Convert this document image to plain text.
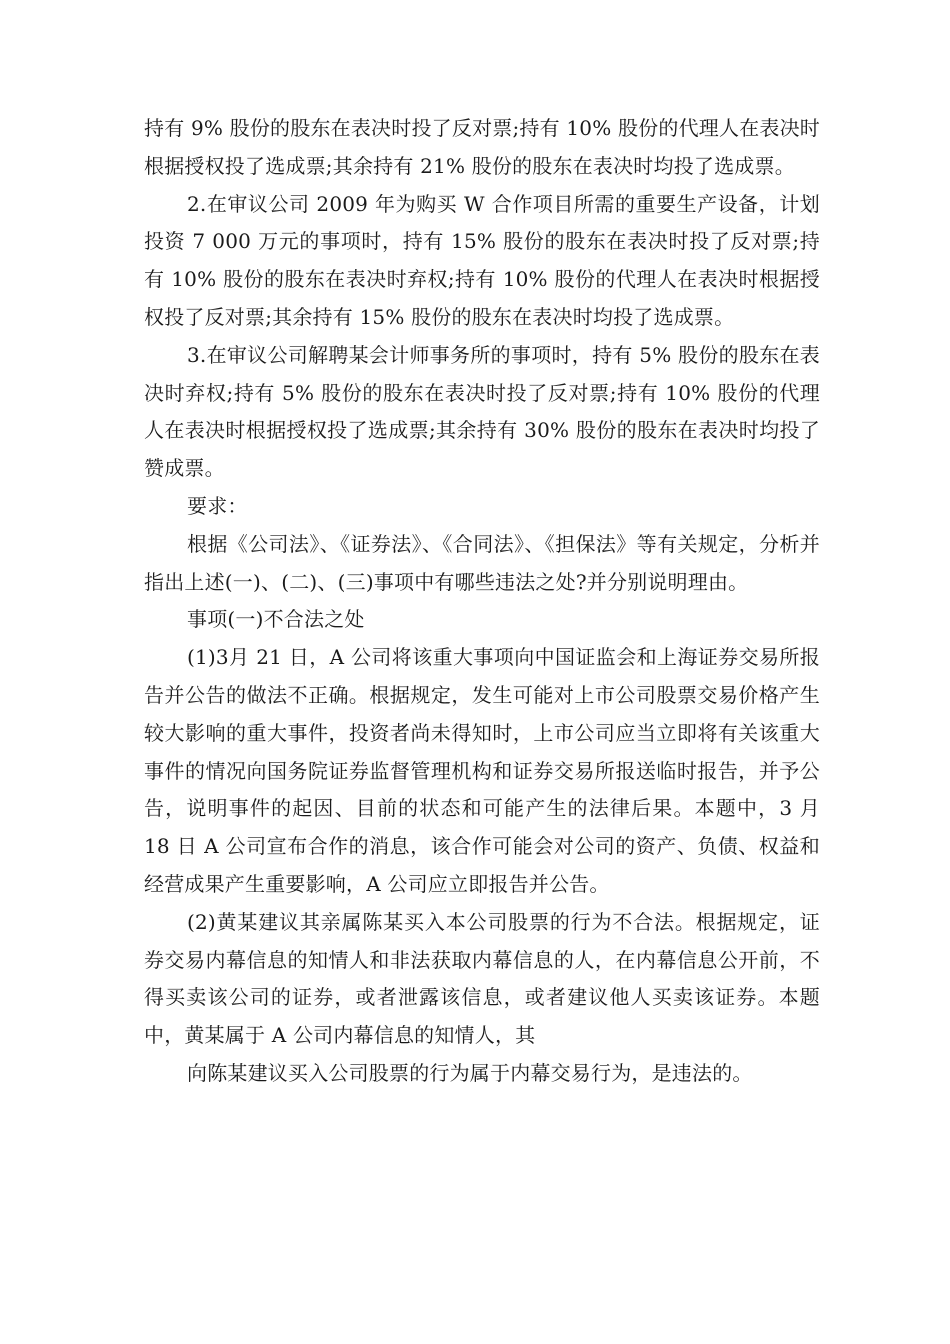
持有 9% 股份的股东在表决时投了反对票;持有 10% 股份的代理人在表决时根据授权投了选成票;其余持有 21% 股份的股东在表决时均投了选成票。

2.在审议公司 2009 年为购买 W 合作项目所需的重要生产设备，计划投资 7 000 万元的事项时，持有 15% 股份的股东在表决时投了反对票;持有 10% 股份的股东在表决时弃权;持有 10% 股份的代理人在表决时根据授权投了反对票;其余持有 15% 股份的股东在表决时均投了选成票。

3.在审议公司解聘某会计师事务所的事项时，持有 5% 股份的股东在表决时弃权;持有 5% 股份的股东在表决时投了反对票;持有 10% 股份的代理人在表决时根据授权投了选成票;其余持有 30% 股份的股东在表决时均投了赞成票。

要求：

根据《公司法》、《证券法》、《合同法》、《担保法》等有关规定，分析并指出上述(一)、(二)、(三)事项中有哪些违法之处?并分别说明理由。

事项(一)不合法之处

(1)3月 21 日，A 公司将该重大事项向中国证监会和上海证券交易所报告并公告的做法不正确。根据规定，发生可能对上市公司股票交易价格产生较大影响的重大事件，投资者尚未得知时，上市公司应当立即将有关该重大事件的情况向国务院证券监督管理机构和证券交易所报送临时报告，并予公告，说明事件的起因、目前的状态和可能产生的法律后果。本题中，3 月 18 日 A 公司宣布合作的消息，该合作可能会对公司的资产、负债、权益和经营成果产生重要影响，A 公司应立即报告并公告。

(2)黄某建议其亲属陈某买入本公司股票的行为不合法。根据规定，证券交易内幕信息的知情人和非法获取内幕信息的人，在内幕信息公开前，不得买卖该公司的证券，或者泄露该信息，或者建议他人买卖该证券。本题中，黄某属于 A 公司内幕信息的知情人，其

向陈某建议买入公司股票的行为属于内幕交易行为，是违法的。
